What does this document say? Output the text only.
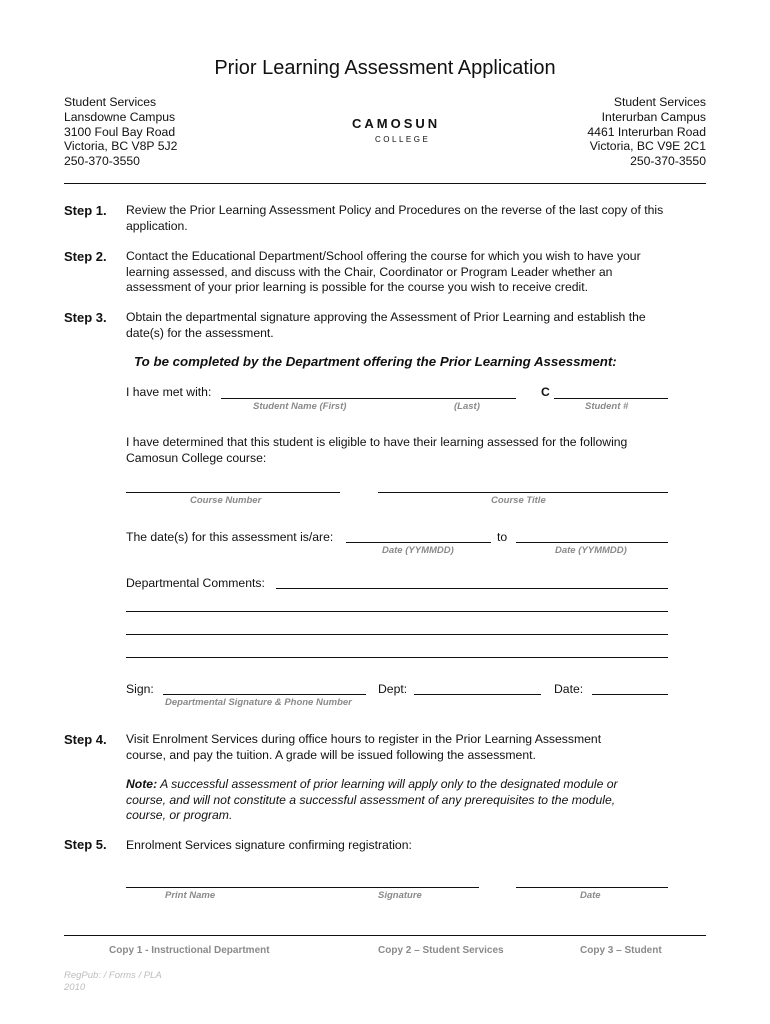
Prior Learning Assessment Application
Student Services
Lansdowne Campus
3100 Foul Bay Road
Victoria, BC V8P 5J2
250-370-3550
CAMOSUN
COLLEGE
Student Services
Interurban Campus
4461 Interurban Road
Victoria, BC V9E 2C1
250-370-3550
Step 1. Review the Prior Learning Assessment Policy and Procedures on the reverse of the last copy of this application.
Step 2. Contact the Educational Department/School offering the course for which you wish to have your learning assessed, and discuss with the Chair, Coordinator or Program Leader whether an assessment of your prior learning is possible for the course you wish to receive credit.
Step 3. Obtain the departmental signature approving the Assessment of Prior Learning and establish the date(s) for the assessment.
To be completed by the Department offering the Prior Learning Assessment:
I have met with:	C
Student Name (First)	(Last)	Student #
I have determined that this student is eligible to have their learning assessed for the following Camosun College course:
Course Number	Course Title
The date(s) for this assessment is/are:	to
Date (YYMMDD)	Date (YYMMDD)
Departmental Comments:
Sign:	Dept:	Date:
Departmental Signature & Phone Number
Step 4. Visit Enrolment Services during office hours to register in the Prior Learning Assessment course, and pay the tuition. A grade will be issued following the assessment.
Note: A successful assessment of prior learning will apply only to the designated module or course, and will not constitute a successful assessment of any prerequisites to the module, course, or program.
Step 5. Enrolment Services signature confirming registration:
Print Name	Signature	Date
Copy 1 - Instructional Department	Copy 2 – Student Services	Copy 3 – Student
RegPub: / Forms / PLA
2010
